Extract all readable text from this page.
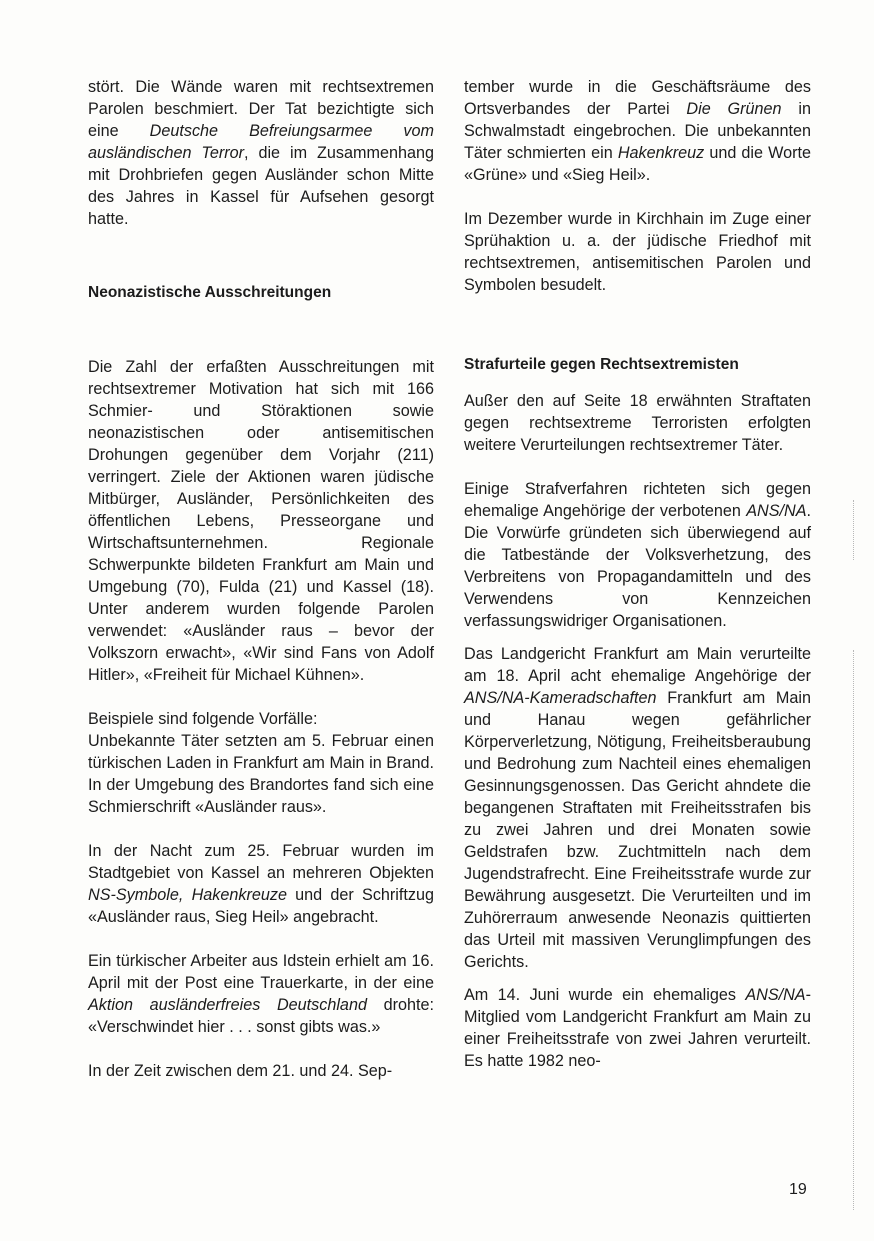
stört. Die Wände waren mit rechtsextremen Parolen beschmiert. Der Tat bezichtigte sich eine Deutsche Befreiungsarmee vom ausländischen Terror, die im Zusammenhang mit Drohbriefen gegen Ausländer schon Mitte des Jahres in Kassel für Aufsehen gesorgt hatte.

Neonazistische Ausschreitungen

Die Zahl der erfaßten Ausschreitungen mit rechtsextremer Motivation hat sich mit 166 Schmier- und Störaktionen sowie neonazistischen oder antisemitischen Drohungen gegenüber dem Vorjahr (211) verringert. Ziele der Aktionen waren jüdische Mitbürger, Ausländer, Persönlichkeiten des öffentlichen Lebens, Presseorgane und Wirtschaftsunternehmen. Regionale Schwerpunkte bildeten Frankfurt am Main und Umgebung (70), Fulda (21) und Kassel (18). Unter anderem wurden folgende Parolen verwendet: «Ausländer raus – bevor der Volkszorn erwacht», «Wir sind Fans von Adolf Hitler», «Freiheit für Michael Kühnen».

Beispiele sind folgende Vorfälle:

Unbekannte Täter setzten am 5. Februar einen türkischen Laden in Frankfurt am Main in Brand. In der Umgebung des Brandortes fand sich eine Schmierschrift «Ausländer raus».

In der Nacht zum 25. Februar wurden im Stadtgebiet von Kassel an mehreren Objekten NS-Symbole, Hakenkreuze und der Schriftzug «Ausländer raus, Sieg Heil» angebracht.

Ein türkischer Arbeiter aus Idstein erhielt am 16. April mit der Post eine Trauerkarte, in der eine Aktion ausländerfreies Deutschland drohte: «Verschwindet hier . . . sonst gibts was.»

In der Zeit zwischen dem 21. und 24. Sep-

tember wurde in die Geschäftsräume des Ortsverbandes der Partei Die Grünen in Schwalmstadt eingebrochen. Die unbekannten Täter schmierten ein Hakenkreuz und die Worte «Grüne» und «Sieg Heil».

Im Dezember wurde in Kirchhain im Zuge einer Sprühaktion u. a. der jüdische Friedhof mit rechtsextremen, antisemitischen Parolen und Symbolen besudelt.

Strafurteile gegen Rechtsextremisten

Außer den auf Seite 18 erwähnten Straftaten gegen rechtsextreme Terroristen erfolgten weitere Verurteilungen rechtsextremer Täter.

Einige Strafverfahren richteten sich gegen ehemalige Angehörige der verbotenen ANS/NA. Die Vorwürfe gründeten sich überwiegend auf die Tatbestände der Volksverhetzung, des Verbreitens von Propagandamitteln und des Verwendens von Kennzeichen verfassungswidriger Organisationen.

Das Landgericht Frankfurt am Main verurteilte am 18. April acht ehemalige Angehörige der ANS/NA-Kameradschaften Frankfurt am Main und Hanau wegen gefährlicher Körperverletzung, Nötigung, Freiheitsberaubung und Bedrohung zum Nachteil eines ehemaligen Gesinnungsgenossen. Das Gericht ahndete die begangenen Straftaten mit Freiheitsstrafen bis zu zwei Jahren und drei Monaten sowie Geldstrafen bzw. Zuchtmitteln nach dem Jugendstrafrecht. Eine Freiheitsstrafe wurde zur Bewährung ausgesetzt. Die Verurteilten und im Zuhörerraum anwesende Neonazis quittierten das Urteil mit massiven Verunglimpfungen des Gerichts.

Am 14. Juni wurde ein ehemaliges ANS/NA-Mitglied vom Landgericht Frankfurt am Main zu einer Freiheitsstrafe von zwei Jahren verurteilt. Es hatte 1982 neo-

19
